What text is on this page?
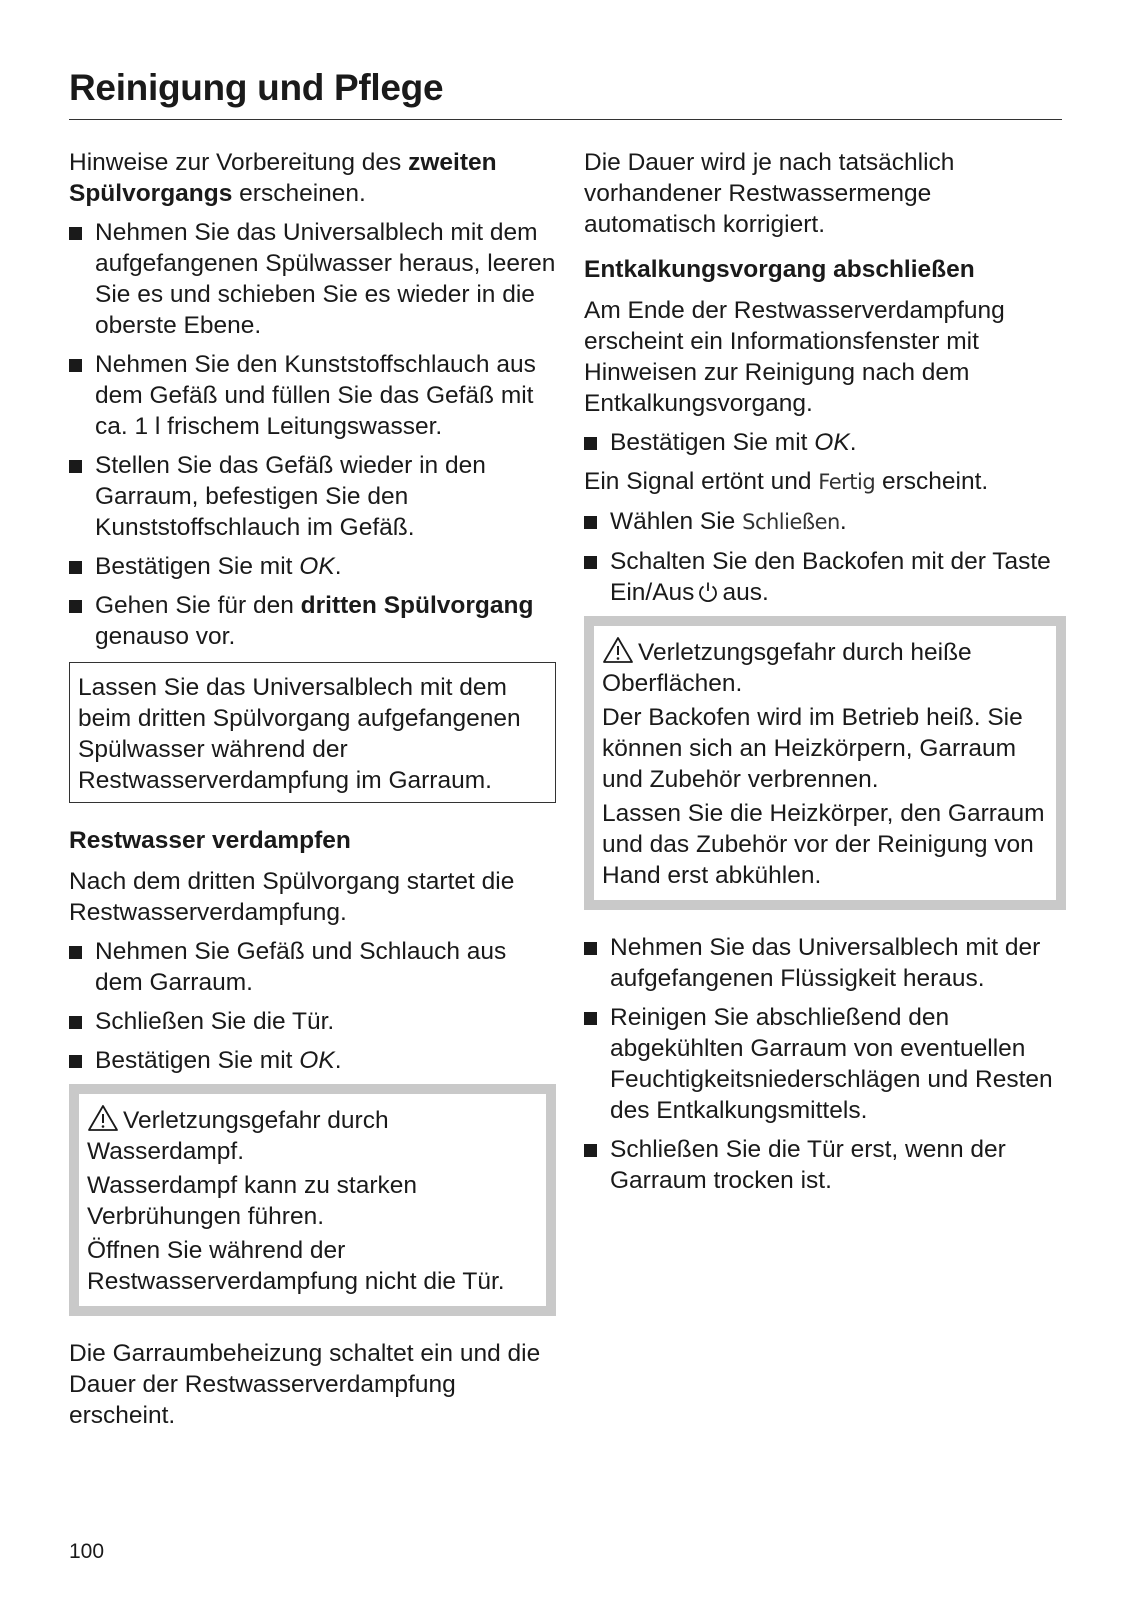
Reinigung und Pflege

Hinweise zur Vorbereitung des zweiten Spülvorgangs erscheinen.

Nehmen Sie das Universalblech mit dem aufgefangenen Spülwasser heraus, leeren Sie es und schieben Sie es wieder in die oberste Ebene.
Nehmen Sie den Kunststoffschlauch aus dem Gefäß und füllen Sie das Gefäß mit ca. 1 l frischem Leitungswasser.
Stellen Sie das Gefäß wieder in den Garraum, befestigen Sie den Kunststoffschlauch im Gefäß.
Bestätigen Sie mit OK.
Gehen Sie für den dritten Spülvorgang genauso vor.

Lassen Sie das Universalblech mit dem beim dritten Spülvorgang aufgefangenen Spülwasser während der Restwasserverdampfung im Garraum.

Restwasser verdampfen

Nach dem dritten Spülvorgang startet die Restwasserverdampfung.

Nehmen Sie Gefäß und Schlauch aus dem Garraum.
Schließen Sie die Tür.
Bestätigen Sie mit OK.

Verletzungsgefahr durch Wasserdampf.

Wasserdampf kann zu starken Verbrühungen führen.

Öffnen Sie während der Restwasserverdampfung nicht die Tür.

Die Garraumbeheizung schaltet ein und die Dauer der Restwasserverdampfung erscheint.

Die Dauer wird je nach tatsächlich vorhandener Restwassermenge automatisch korrigiert.

Entkalkungsvorgang abschließen

Am Ende der Restwasserverdampfung erscheint ein Informationsfenster mit Hinweisen zur Reinigung nach dem Entkalkungsvorgang.

Bestätigen Sie mit OK.

Ein Signal ertönt und Fertig erscheint.

Wählen Sie Schließen.
Schalten Sie den Backofen mit der Taste Ein/Aus aus.

Verletzungsgefahr durch heiße Oberflächen.

Der Backofen wird im Betrieb heiß. Sie können sich an Heizkörpern, Garraum und Zubehör verbrennen.

Lassen Sie die Heizkörper, den Garraum und das Zubehör vor der Reinigung von Hand erst abkühlen.

Nehmen Sie das Universalblech mit der aufgefangenen Flüssigkeit heraus.
Reinigen Sie abschließend den abgekühlten Garraum von eventuellen Feuchtigkeitsniederschlägen und Resten des Entkalkungsmittels.
Schließen Sie die Tür erst, wenn der Garraum trocken ist.
100
